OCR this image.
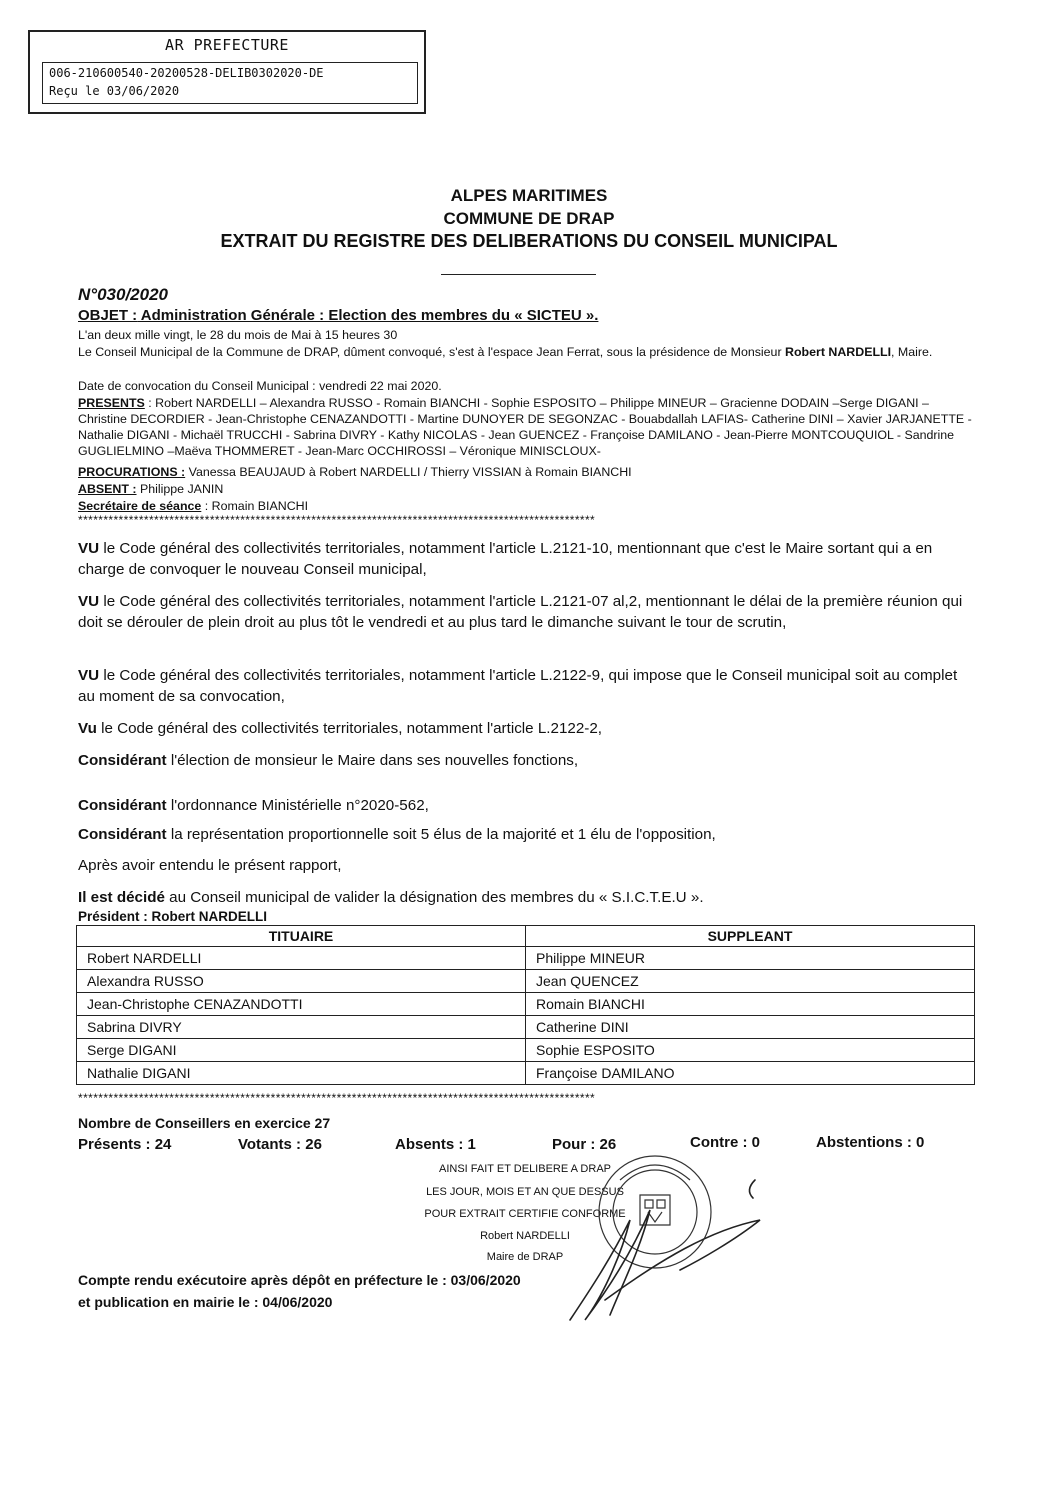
AR PREFECTURE
006-210600540-20200528-DELIB0302020-DE
Reçu le 03/06/2020
ALPES MARITIMES
COMMUNE DE DRAP
EXTRAIT DU REGISTRE DES DELIBERATIONS DU CONSEIL MUNICIPAL
N°030/2020
OBJET : Administration Générale : Election des membres du « SICTEU ».
L'an deux mille vingt, le 28 du mois de Mai à 15 heures 30
Le Conseil Municipal de la Commune de DRAP, dûment convoqué, s'est à l'espace Jean Ferrat, sous la présidence de Monsieur Robert NARDELLI, Maire.
Date de convocation du Conseil Municipal : vendredi 22 mai 2020.
PRESENTS : Robert NARDELLI – Alexandra RUSSO - Romain BIANCHI - Sophie ESPOSITO – Philippe MINEUR – Gracienne DODAIN –Serge DIGANI – Christine DECORDIER - Jean-Christophe CENAZANDOTTI - Martine DUNOYER DE SEGONZAC - Bouabdallah LAFIAS- Catherine DINI – Xavier JARJANETTE - Nathalie DIGANI - Michaël TRUCCHI - Sabrina DIVRY - Kathy NICOLAS - Jean GUENCEZ - Françoise DAMILANO - Jean-Pierre MONTCOUQUIOL - Sandrine GUGLIELMINO –Maëva THOMMERET - Jean-Marc OCCHIROSSI – Véronique MINISCLOUX-
PROCURATIONS : Vanessa BEAUJAUD à Robert NARDELLI / Thierry VISSIAN à Romain BIANCHI
ABSENT : Philippe JANIN
Secrétaire de séance : Romain BIANCHI
******************************************************************************************************
VU le Code général des collectivités territoriales, notamment l'article L.2121-10, mentionnant que c'est le Maire sortant qui a en charge de convoquer le nouveau Conseil municipal,
VU le Code général des collectivités territoriales, notamment l'article L.2121-07 al,2, mentionnant le délai de la première réunion qui doit se dérouler de plein droit au plus tôt le vendredi et au plus tard le dimanche suivant le tour de scrutin,
VU le Code général des collectivités territoriales, notamment l'article L.2122-9, qui impose que le Conseil municipal soit au complet au moment de sa convocation,
Vu le Code général des collectivités territoriales, notamment l'article L.2122-2,
Considérant l'élection de monsieur le Maire dans ses nouvelles fonctions,
Considérant l'ordonnance Ministérielle n°2020-562,
Considérant la représentation proportionnelle soit 5 élus de la majorité et 1 élu de l'opposition,
Après avoir entendu le présent rapport,
Il est décidé au Conseil municipal de valider la désignation des membres du « S.I.C.T.E.U ».
Président : Robert NARDELLI
TITUAIRE	SUPPLEANT
Robert NARDELLI	Philippe MINEUR
Alexandra RUSSO	Jean QUENCEZ
Jean-Christophe CENAZANDOTTI	Romain BIANCHI
Sabrina DIVRY	Catherine DINI
Serge DIGANI	Sophie ESPOSITO
Nathalie DIGANI	Françoise DAMILANO
******************************************************************************************************
Nombre de Conseillers en exercice 27
Présents : 24	Votants : 26	Absents : 1	Pour : 26	Contre : 0	Abstentions : 0
AINSI FAIT ET DELIBERE A DRAP
LES JOUR, MOIS ET AN QUE DESSUS
POUR EXTRAIT CERTIFIE CONFORME
Robert NARDELLI
Maire de DRAP
Compte rendu exécutoire après dépôt en préfecture le : 03/06/2020
et publication en mairie le : 04/06/2020
